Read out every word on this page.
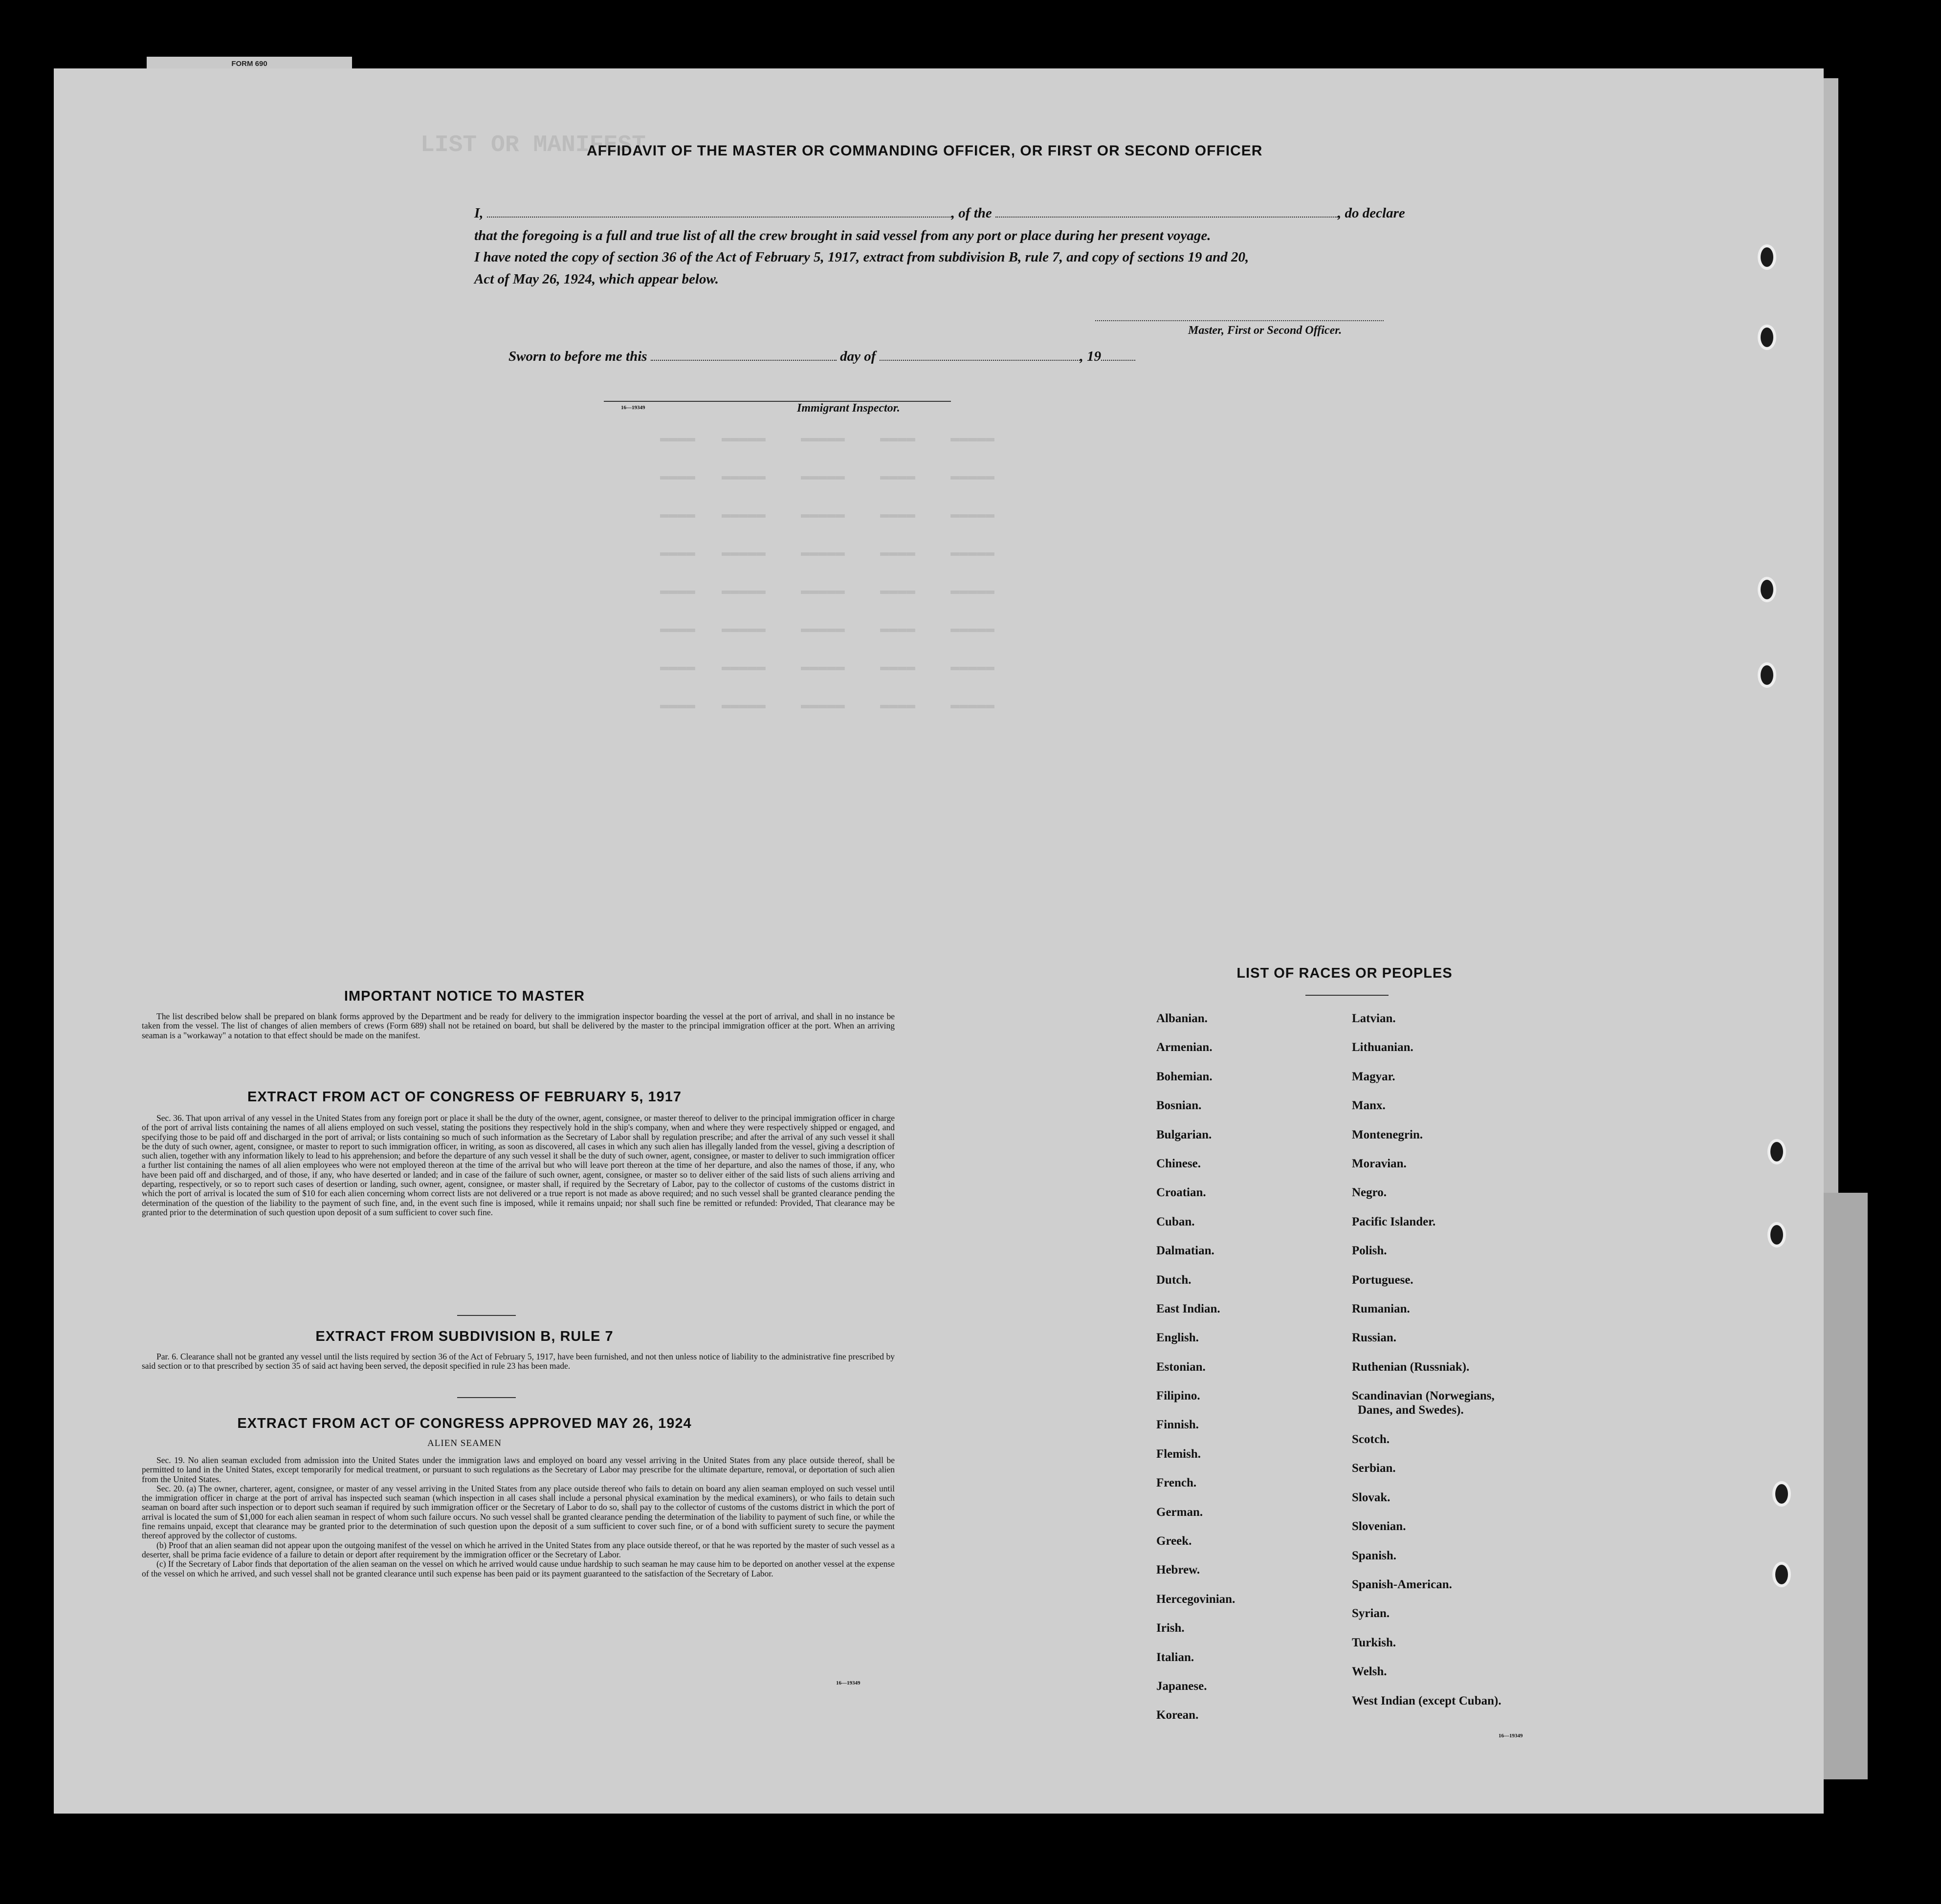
FORM 690
LIST OR MANIFEST
▬▬▬▬   ▬▬▬▬▬    ▬▬▬▬▬    ▬▬▬▬    ▬▬▬▬▬
▬▬▬▬   ▬▬▬▬▬    ▬▬▬▬▬    ▬▬▬▬    ▬▬▬▬▬
▬▬▬▬   ▬▬▬▬▬    ▬▬▬▬▬    ▬▬▬▬    ▬▬▬▬▬
▬▬▬▬   ▬▬▬▬▬    ▬▬▬▬▬    ▬▬▬▬    ▬▬▬▬▬
▬▬▬▬   ▬▬▬▬▬    ▬▬▬▬▬    ▬▬▬▬    ▬▬▬▬▬
▬▬▬▬   ▬▬▬▬▬    ▬▬▬▬▬    ▬▬▬▬    ▬▬▬▬▬
▬▬▬▬   ▬▬▬▬▬    ▬▬▬▬▬    ▬▬▬▬    ▬▬▬▬▬
▬▬▬▬   ▬▬▬▬▬    ▬▬▬▬▬    ▬▬▬▬    ▬▬▬▬▬
AFFIDAVIT OF THE MASTER OR COMMANDING OFFICER, OR FIRST OR SECOND OFFICER
I,	, of the	, do declare
that the foregoing is a full and true list of all the crew brought in said vessel from any port or place during her present voyage.
I have noted the copy of section 36 of the Act of February 5, 1917, extract from subdivision B, rule 7, and copy of sections 19 and 20,
Act of May 26, 1924, which appear below.
Master, First or Second Officer.
Sworn to before me this	day of	, 19
16—19349	Immigrant Inspector.
IMPORTANT NOTICE TO MASTER

The list described below shall be prepared on blank forms approved by the Department and be ready for delivery to the immigration inspector boarding the vessel at the port of arrival, and shall in no instance be taken from the vessel. The list of changes of alien members of crews (Form 689) shall not be retained on board, but shall be delivered by the master to the principal immigration officer at the port. When an arriving seaman is a "workaway" a notation to that effect should be made on the manifest.

EXTRACT FROM ACT OF CONGRESS OF FEBRUARY 5, 1917

Sec. 36. That upon arrival of any vessel in the United States from any foreign port or place it shall be the duty of the owner, agent, consignee, or master thereof to deliver to the principal immigration officer in charge of the port of arrival lists containing the names of all aliens employed on such vessel, stating the positions they respectively hold in the ship's company, when and where they were respectively shipped or engaged, and specifying those to be paid off and discharged in the port of arrival; or lists containing so much of such information as the Secretary of Labor shall by regulation prescribe; and after the arrival of any such vessel it shall be the duty of such owner, agent, consignee, or master to report to such immigration officer, in writing, as soon as discovered, all cases in which any such alien has illegally landed from the vessel, giving a description of such alien, together with any information likely to lead to his apprehension; and before the departure of any such vessel it shall be the duty of such owner, agent, consignee, or master to deliver to such immigration officer a further list containing the names of all alien employees who were not employed thereon at the time of the arrival but who will leave port thereon at the time of her departure, and also the names of those, if any, who have been paid off and discharged, and of those, if any, who have deserted or landed; and in case of the failure of such owner, agent, consignee, or master so to deliver either of the said lists of such aliens arriving and departing, respectively, or so to report such cases of desertion or landing, such owner, agent, consignee, or master shall, if required by the Secretary of Labor, pay to the collector of customs of the customs district in which the port of arrival is located the sum of $10 for each alien concerning whom correct lists are not delivered or a true report is not made as above required; and no such vessel shall be granted clearance pending the determination of the question of the liability to the payment of such fine, and, in the event such fine is imposed, while it remains unpaid; nor shall such fine be remitted or refunded: Provided, That clearance may be granted prior to the determination of such question upon deposit of a sum sufficient to cover such fine.

EXTRACT FROM SUBDIVISION B, RULE 7

Par. 6. Clearance shall not be granted any vessel until the lists required by section 36 of the Act of February 5, 1917, have been furnished, and not then unless notice of liability to the administrative fine prescribed by said section or to that prescribed by section 35 of said act having been served, the deposit specified in rule 23 has been made.

EXTRACT FROM ACT OF CONGRESS APPROVED MAY 26, 1924
ALIEN SEAMEN

Sec. 19. No alien seaman excluded from admission into the United States under the immigration laws and employed on board any vessel arriving in the United States from any place outside thereof, shall be permitted to land in the United States, except temporarily for medical treatment, or pursuant to such regulations as the Secretary of Labor may prescribe for the ultimate departure, removal, or deportation of such alien from the United States.

Sec. 20. (a) The owner, charterer, agent, consignee, or master of any vessel arriving in the United States from any place outside thereof who fails to detain on board any alien seaman employed on such vessel until the immigration officer in charge at the port of arrival has inspected such seaman (which inspection in all cases shall include a personal physical examination by the medical examiners), or who fails to detain such seaman on board after such inspection or to deport such seaman if required by such immigration officer or the Secretary of Labor to do so, shall pay to the collector of customs of the customs district in which the port of arrival is located the sum of $1,000 for each alien seaman in respect of whom such failure occurs. No such vessel shall be granted clearance pending the determination of the liability to payment of such fine, or while the fine remains unpaid, except that clearance may be granted prior to the determination of such question upon the deposit of a sum sufficient to cover such fine, or of a bond with sufficient surety to secure the payment thereof approved by the collector of customs.

(b) Proof that an alien seaman did not appear upon the outgoing manifest of the vessel on which he arrived in the United States from any place outside thereof, or that he was reported by the master of such vessel as a deserter, shall be prima facie evidence of a failure to detain or deport after requirement by the immigration officer or the Secretary of Labor.

(c) If the Secretary of Labor finds that deportation of the alien seaman on the vessel on which he arrived would cause undue hardship to such seaman he may cause him to be deported on another vessel at the expense of the vessel on which he arrived, and such vessel shall not be granted clearance until such expense has been paid or its payment guaranteed to the satisfaction of the Secretary of Labor.

16—19349
LIST OF RACES OR PEOPLES
Albanian.
Armenian.
Bohemian.
Bosnian.
Bulgarian.
Chinese.
Croatian.
Cuban.
Dalmatian.
Dutch.
East Indian.
English.
Estonian.
Filipino.
Finnish.
Flemish.
French.
German.
Greek.
Hebrew.
Hercegovinian.
Irish.
Italian.
Japanese.
Korean.
Latvian.
Lithuanian.
Magyar.
Manx.
Montenegrin.
Moravian.
Negro.
Pacific Islander.
Polish.
Portuguese.
Rumanian.
Russian.
Ruthenian (Russniak).
Scandinavian (Norwegians,
Danes, and Swedes).
Scotch.
Serbian.
Slovak.
Slovenian.
Spanish.
Spanish-American.
Syrian.
Turkish.
Welsh.
West Indian (except Cuban).
16—19349
